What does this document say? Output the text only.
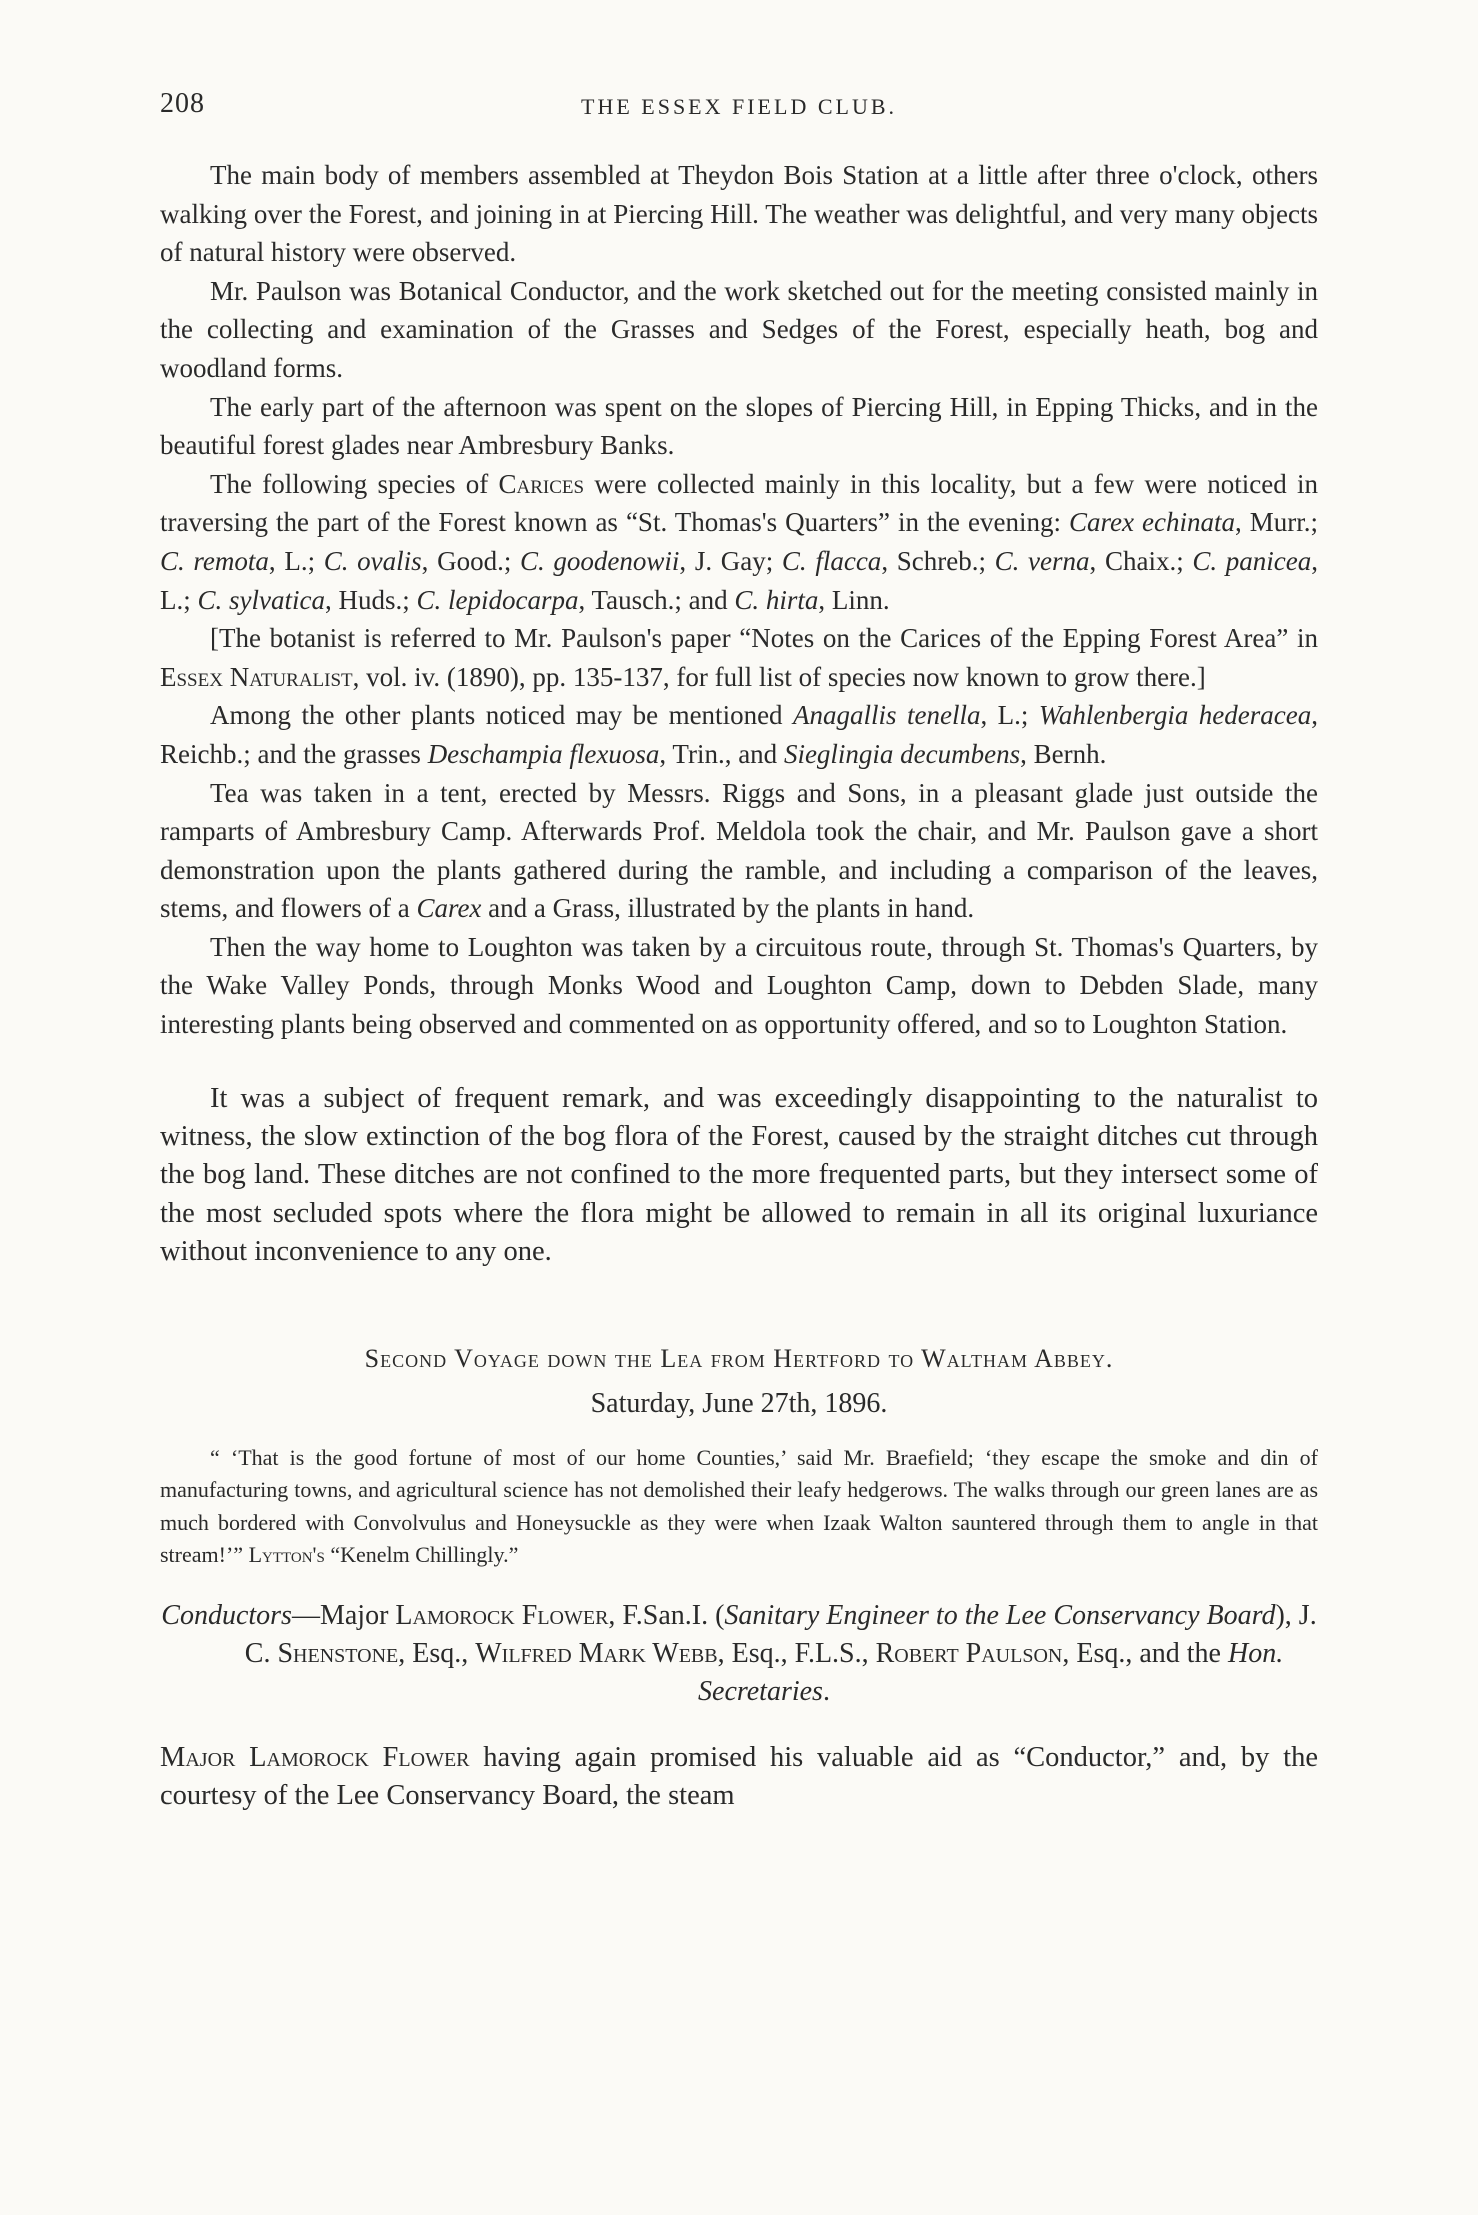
208	THE ESSEX FIELD CLUB.

The main body of members assembled at Theydon Bois Station at a little after three o'clock, others walking over the Forest, and joining in at Piercing Hill. The weather was delightful, and very many objects of natural history were observed.

Mr. Paulson was Botanical Conductor, and the work sketched out for the meeting consisted mainly in the collecting and examination of the Grasses and Sedges of the Forest, especially heath, bog and woodland forms.

The early part of the afternoon was spent on the slopes of Piercing Hill, in Epping Thicks, and in the beautiful forest glades near Ambresbury Banks.

The following species of Carices were collected mainly in this locality, but a few were noticed in traversing the part of the Forest known as “St. Thomas's Quarters” in the evening: Carex echinata, Murr.; C. remota, L.; C. ovalis, Good.; C. goodenowii, J. Gay; C. flacca, Schreb.; C. verna, Chaix.; C. panicea, L.; C. sylvatica, Huds.; C. lepidocarpa, Tausch.; and C. hirta, Linn.

[The botanist is referred to Mr. Paulson's paper “Notes on the Carices of the Epping Forest Area” in Essex Naturalist, vol. iv. (1890), pp. 135-137, for full list of species now known to grow there.]

Among the other plants noticed may be mentioned Anagallis tenella, L.; Wahlenbergia hederacea, Reichb.; and the grasses Deschampia flexuosa, Trin., and Sieglingia decumbens, Bernh.

Tea was taken in a tent, erected by Messrs. Riggs and Sons, in a pleasant glade just outside the ramparts of Ambresbury Camp. Afterwards Prof. Meldola took the chair, and Mr. Paulson gave a short demonstration upon the plants gathered during the ramble, and including a comparison of the leaves, stems, and flowers of a Carex and a Grass, illustrated by the plants in hand.

Then the way home to Loughton was taken by a circuitous route, through St. Thomas's Quarters, by the Wake Valley Ponds, through Monks Wood and Loughton Camp, down to Debden Slade, many interesting plants being observed and commented on as opportunity offered, and so to Loughton Station.

It was a subject of frequent remark, and was exceedingly disappointing to the naturalist to witness, the slow extinction of the bog flora of the Forest, caused by the straight ditches cut through the bog land. These ditches are not confined to the more frequented parts, but they intersect some of the most secluded spots where the flora might be allowed to remain in all its original luxuriance without inconvenience to any one.

Second Voyage down the Lea from Hertford to Waltham Abbey.
Saturday, June 27th, 1896.

“ ‘That is the good fortune of most of our home Counties,’ said Mr. Braefield; ‘they escape the smoke and din of manufacturing towns, and agricultural science has not demolished their leafy hedgerows. The walks through our green lanes are as much bordered with Convolvulus and Honeysuckle as they were when Izaak Walton sauntered through them to angle in that stream!’” Lytton's “Kenelm Chillingly.”

Conductors—Major Lamorock Flower, F.San.I. (Sanitary Engineer to the Lee Conservancy Board), J. C. Shenstone, Esq., Wilfred Mark Webb, Esq., F.L.S., Robert Paulson, Esq., and the Hon. Secretaries.

Major Lamorock Flower having again promised his valuable aid as “Conductor,” and, by the courtesy of the Lee Conservancy Board, the steam
